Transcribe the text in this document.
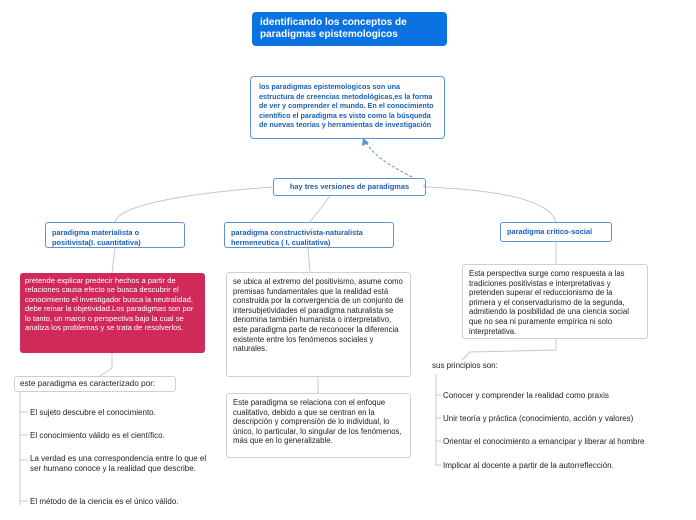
identificando los conceptos de paradigmas epistemologicos
los paradigmas epistemologicos son una estructura de creencias metodológicas,es la forma de ver y comprender el mundo. En el conocimiento científico el paradigma es visto como la búsqueda de nuevas teorías y herramientas de investigación
hay tres versiones de paradigmas	‹
paradigma materialista o positivista(I. cuantitativa)
paradigma constructivista-naturalista hermeneutica ( I. cualitativa)
paradigma critico-social
pretende explicar predecir hechos a partir de relaciones causa efecto se busca descubrir el conocimiento el investigador busca la neutralidad, debe reinar la objetividad.Los paradigmas son por lo tanto, un marco o perspectiva bajo la cual se analiza los problemas y se trata de resolverlos.
se ubica al extremo del positivismo, asume como premisas fundamentales que la realidad está construida por la convergencia de un conjunto de intersubjetividades el paradigma naturalista se denomina también humanista o interpretativo, este paradigma parte de reconocer la diferencia existente entre los fenómenos sociales y naturales.
Este paradigma se relaciona con el enfoque cualitativo, debido a que se centran en la descripción y comprensión de lo individual, lo único, lo particular, lo singular de los fenómenos, más que en lo generalizable.
Esta perspectiva surge como respuesta a las tradiciones positivistas e interpretativas y pretenden superar el reduccionismo de la primera y el conservadurismo de la segunda, admitiendo la posibilidad de una ciencia social que no sea ni puramente empírica ni solo interpretativa.
este paradigma es caracterizado por:
El sujeto descubre el conocimiento.
El conocimiento válido es el científico.
La verdad es una correspondencia entre lo que el ser humano conoce y la realidad que describe.
El método de la ciencia es el único válido.
sus principios son:
Conocer y comprender la realidad como praxis
Unir teoría y práctica (conocimiento, acción y valores)
Orientar el conocimiento a emancipar y liberar al hombre
Implicar al docente a partir de la autorreflección.
